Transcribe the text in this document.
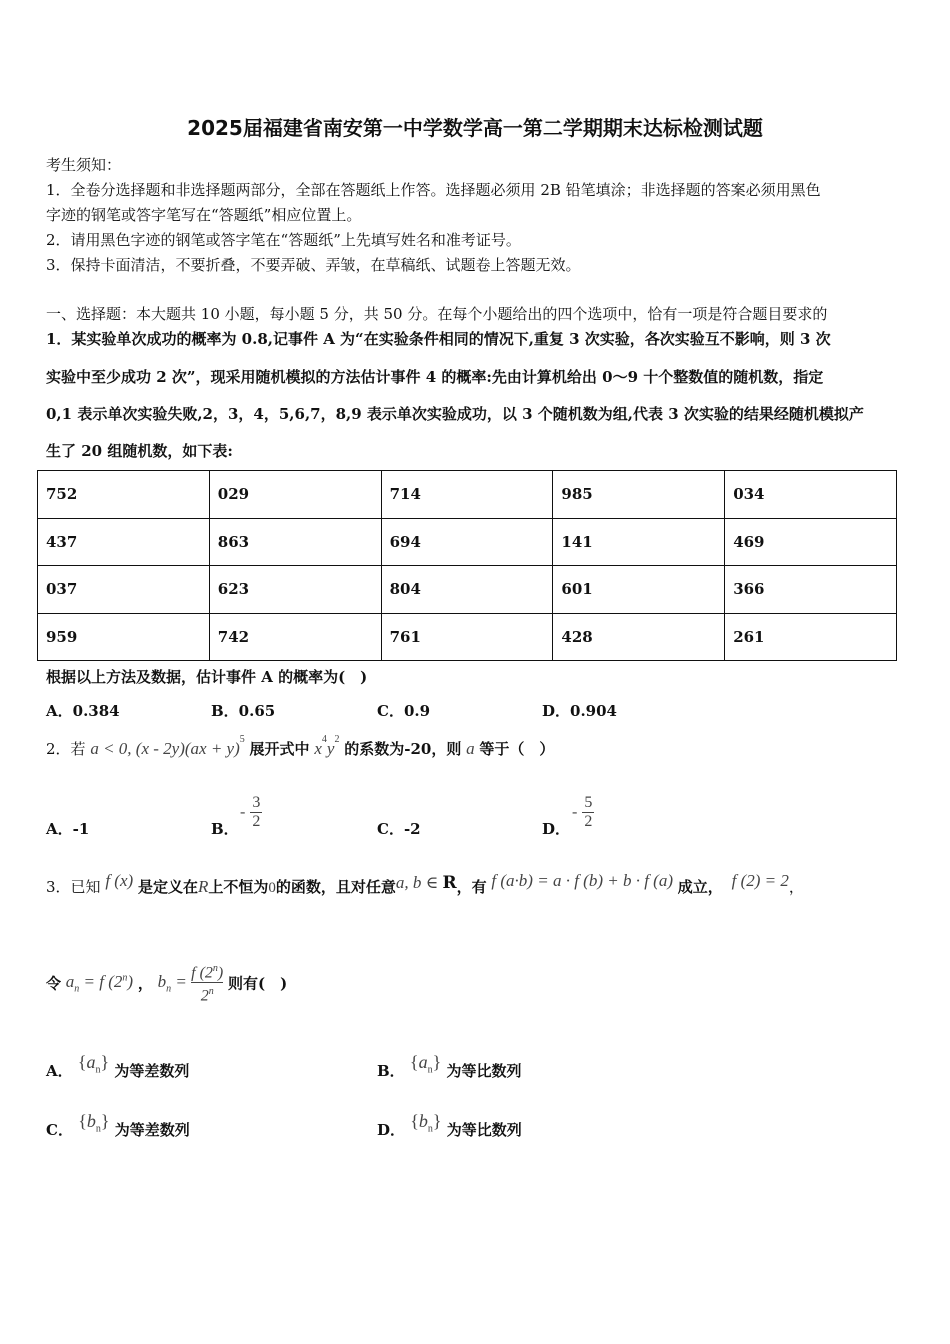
2025届福建省南安第一中学数学高一第二学期期末达标检测试题
考生须知：
1．全卷分选择题和非选择题两部分，全部在答题纸上作答。选择题必须用 2B 铅笔填涂；非选择题的答案必须用黑色
字迹的钢笔或答字笔写在“答题纸”相应位置上。
2．请用黑色字迹的钢笔或答字笔在“答题纸”上先填写姓名和准考证号。
3．保持卡面清洁，不要折叠，不要弄破、弄皱，在草稿纸、试题卷上答题无效。
一、选择题：本大题共 10 小题，每小题 5 分，共 50 分。在每个小题给出的四个选项中，恰有一项是符合题目要求的
1．某实验单次成功的概率为 0.8,记事件 A 为“在实验条件相同的情况下,重复 3 次实验，各次实验互不影响，则 3 次
实验中至少成功 2 次”，现采用随机模拟的方法估计事件 4 的概率:先由计算机给出 0～9 十个整数值的随机数，指定
0,1 表示单次实验失败,2，3，4，5,6,7，8,9 表示单次实验成功，以 3 个随机数为组,代表 3 次实验的结果经随机模拟产
生了 20 组随机数，如下表:
752	029	714	985	034
437	863	694	141	469
037	623	804	601	366
959	742	761	428	261
根据以上方法及数据，估计事件 A 的概率为(　)
A．0.384	B．0.65	C．0.9	D．0.904
2．若 a < 0, (x - 2y)(ax + y)$^5$ 展开式中 $x^4y^2$ 的系数为-20，则 a 等于（　）
A．-1	B．
- $\frac{3}{2}$	C．-2	D．
- $\frac{5}{2}$
3．已知 f (x) 是定义在R上不恒为0的函数，且对任意a, b ∈ R，有 f (a·b) = a · f (b) + b · f (a) 成立， f (2) = 2，
令 $a_n = f$ (2$^n$) ， $b_n = \frac{f (2^n)}{2^n}$ 则有(　)
A． $\{a_n\}$ 为等差数列	B． $\{a_n\}$ 为等比数列
C． $\{b_n\}$ 为等差数列	D． $\{b_n\}$ 为等比数列
